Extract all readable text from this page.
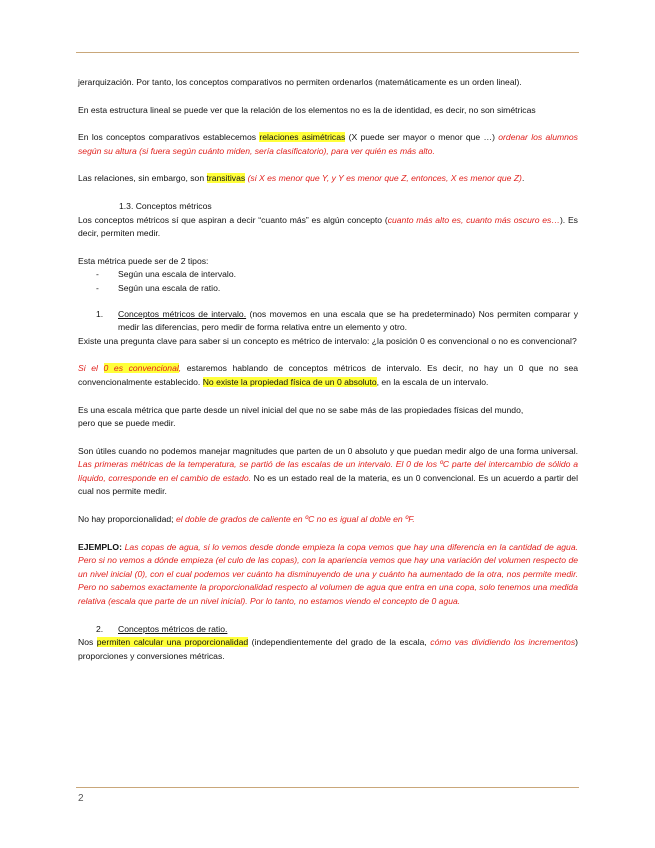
jerarquización. Por tanto, los conceptos comparativos no permiten ordenarlos (matemáticamente es un orden lineal).

En esta estructura lineal se puede ver que la relación de los elementos no es la de identidad, es decir, no son simétricas

En los conceptos comparativos establecemos relaciones asimétricas (X puede ser mayor o menor que …) ordenar los alumnos según su altura (si fuera según cuánto miden, sería clasificatorio), para ver quién es más alto.

Las relaciones, sin embargo, son transitivas (si X es menor que Y, y Y es menor que Z, entonces, X es menor que Z).

1.3. Conceptos métricos

Los conceptos métricos sí que aspiran a decir “cuanto más” es algún concepto (cuanto más alto es, cuanto más oscuro es…). Es decir, permiten medir.

Esta métrica puede ser de 2 tipos:

-	Según una escala de intervalo.
-	Según una escala de ratio.
1.	Conceptos métricos de intervalo. (nos movemos en una escala que se ha predeterminado) Nos permiten comparar y medir las diferencias, pero medir de forma relativa entre un elemento y otro.

Existe una pregunta clave para saber si un concepto es métrico de intervalo: ¿la posición 0 es convencional o no es convencional?

Si el 0 es convencional, estaremos hablando de conceptos métricos de intervalo. Es decir, no hay un 0 que no sea convencionalmente establecido. No existe la propiedad física de un 0 absoluto, en la escala de un intervalo.

Es una escala métrica que parte desde un nivel inicial del que no se sabe más de las propiedades físicas del mundo, pero que se puede medir.

Son útiles cuando no podemos manejar magnitudes que parten de un 0 absoluto y que puedan medir algo de una forma universal. Las primeras métricas de la temperatura, se partió de las escalas de un intervalo. El 0 de los ºC parte del intercambio de sólido a líquido, corresponde en el cambio de estado. No es un estado real de la materia, es un 0 convencional. Es un acuerdo a partir del cual nos permite medir.

No hay proporcionalidad; el doble de grados de caliente en ºC no es igual al doble en ºF.

EJEMPLO: Las copas de agua, si lo vemos desde donde empieza la copa vemos que hay una diferencia en la cantidad de agua. Pero si no vemos a dónde empieza (el culo de las copas), con la apariencia vemos que hay una variación del volumen respecto de un nivel inicial (0), con el cual podemos ver cuánto ha disminuyendo de una y cuánto ha aumentado de la otra, nos permite medir. Pero no sabemos exactamente la proporcionalidad respecto al volumen de agua que entra en una copa, solo tenemos una medida relativa (escala que parte de un nivel inicial). Por lo tanto, no estamos viendo el concepto de 0 agua.

2.	Conceptos métricos de ratio.

Nos permiten calcular una proporcionalidad (independientemente del grado de la escala, cómo vas dividiendo los incrementos) proporciones y conversiones métricas.

2
